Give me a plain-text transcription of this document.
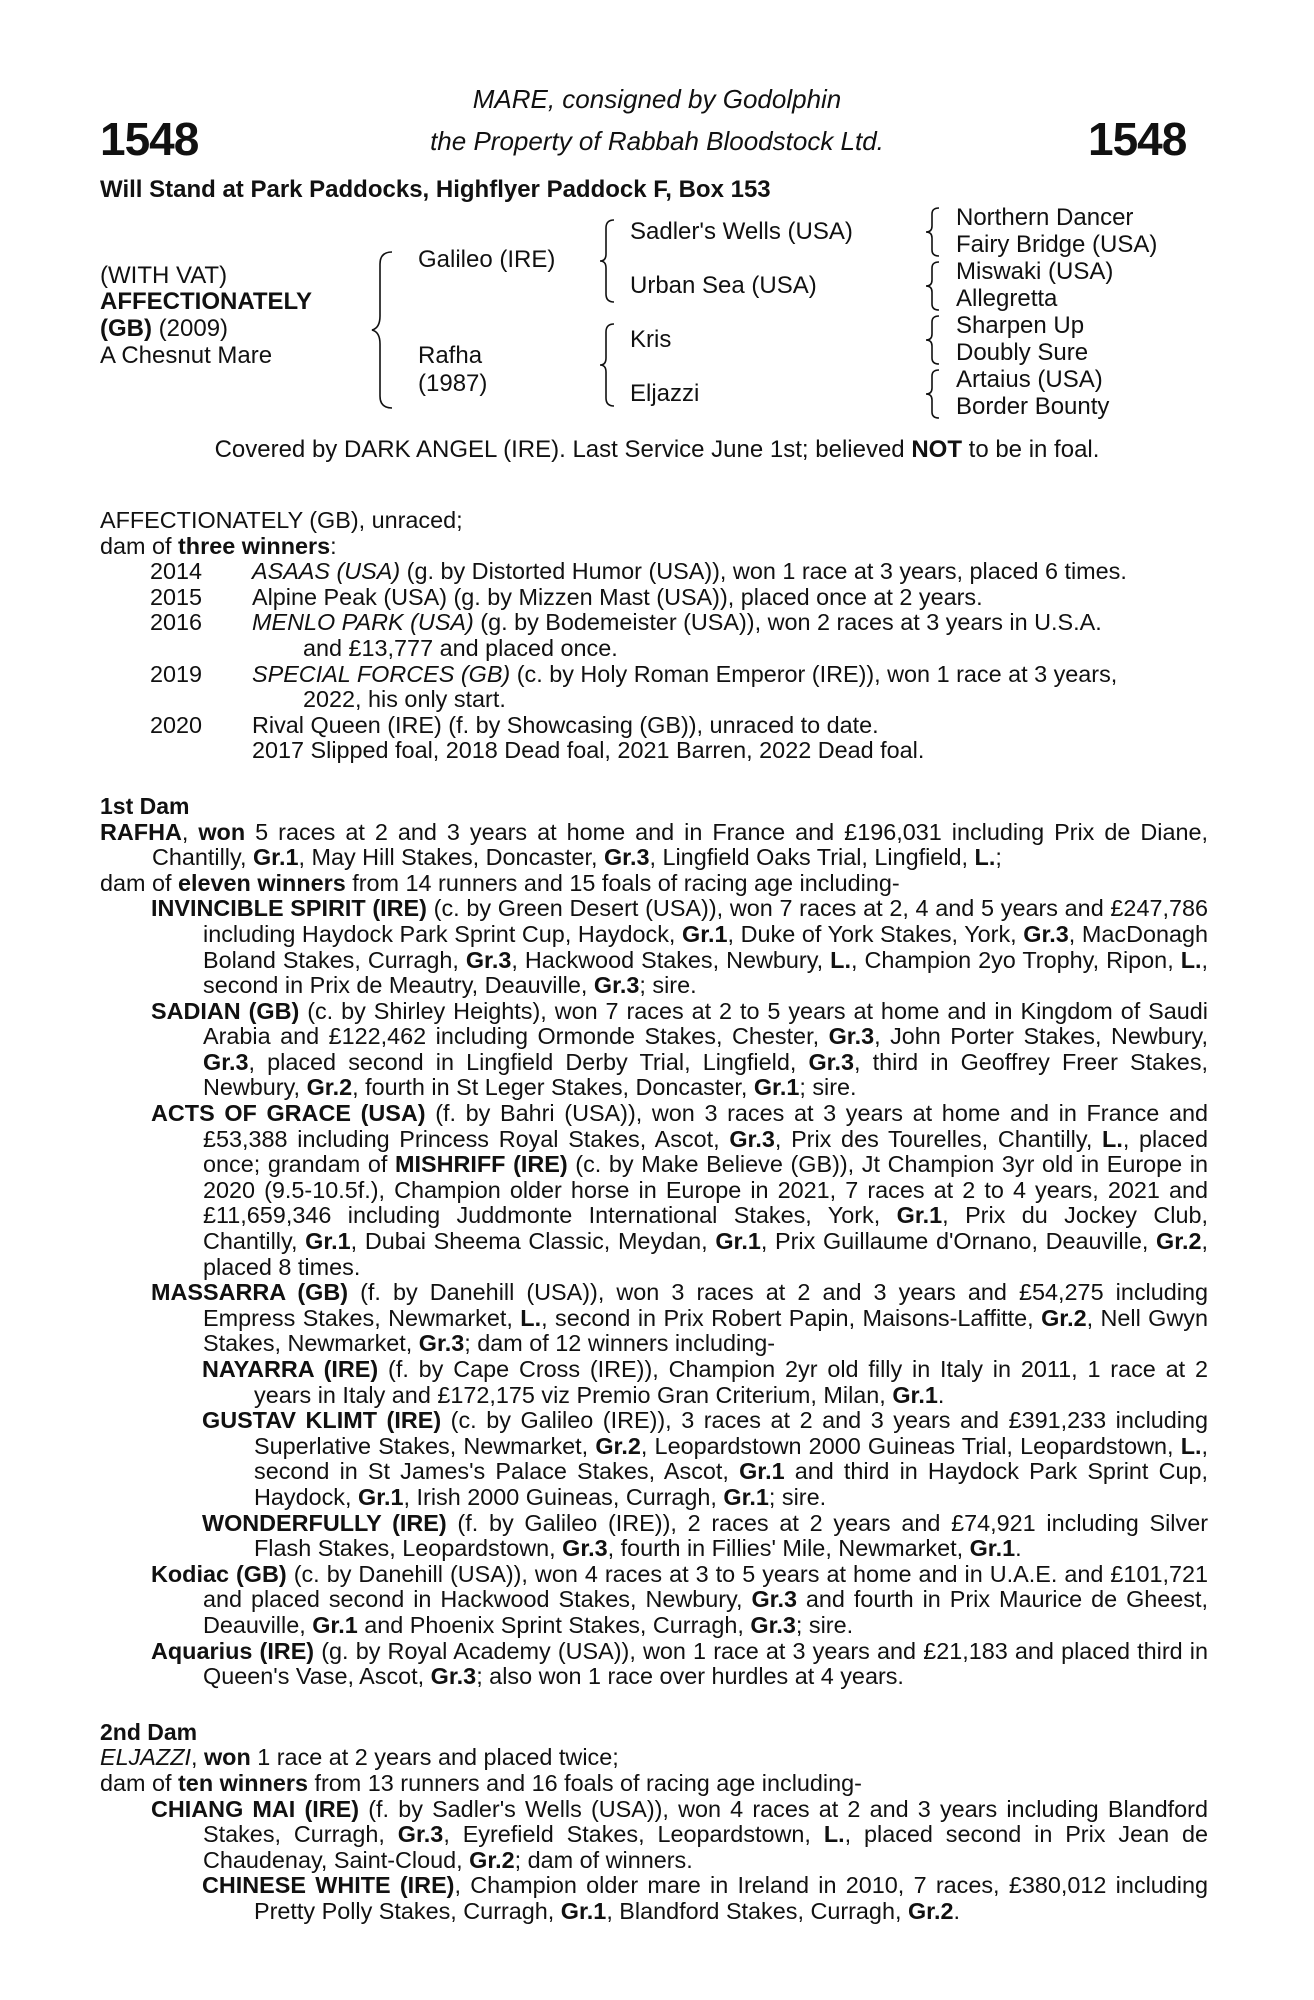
1548	1548
MARE, consigned by Godolphin
the Property of Rabbah Bloodstock Ltd.
Will Stand at Park Paddocks, Highflyer Paddock F, Box 153
(WITH VAT)
AFFECTIONATELY
(GB) (2009)
A Chesnut Mare
Galileo (IRE)
Rafha
(1987)
Sadler's Wells (USA)
Urban Sea (USA)
Kris
Eljazzi
Northern Dancer
Fairy Bridge (USA)
Miswaki (USA)
Allegretta
Sharpen Up
Doubly Sure
Artaius (USA)
Border Bounty
Covered by DARK ANGEL (IRE). Last Service June 1st; believed NOT to be in foal.
AFFECTIONATELY (GB), unraced;
dam of three winners:
2014 ASAAS (USA) (g. by Distorted Humor (USA)), won 1 race at 3 years, placed 6 times.
2015 Alpine Peak (USA) (g. by Mizzen Mast (USA)), placed once at 2 years.
2016 MENLO PARK (USA) (g. by Bodemeister (USA)), won 2 races at 3 years in U.S.A.
and £13,777 and placed once.
2019 SPECIAL FORCES (GB) (c. by Holy Roman Emperor (IRE)), won 1 race at 3 years,
2022, his only start.
2020 Rival Queen (IRE) (f. by Showcasing (GB)), unraced to date.
2017 Slipped foal, 2018 Dead foal, 2021 Barren, 2022 Dead foal.
1st Dam
RAFHA, won 5 races at 2 and 3 years at home and in France and £196,031 including Prix de Diane, Chantilly, Gr.1, May Hill Stakes, Doncaster, Gr.3, Lingfield Oaks Trial, Lingfield, L.;
dam of eleven winners from 14 runners and 15 foals of racing age including-
INVINCIBLE SPIRIT (IRE) (c. by Green Desert (USA)), won 7 races at 2, 4 and 5 years and £247,786 including Haydock Park Sprint Cup, Haydock, Gr.1, Duke of York Stakes, York, Gr.3, MacDonagh Boland Stakes, Curragh, Gr.3, Hackwood Stakes, Newbury, L., Champion 2yo Trophy, Ripon, L., second in Prix de Meautry, Deauville, Gr.3; sire.
SADIAN (GB) (c. by Shirley Heights), won 7 races at 2 to 5 years at home and in Kingdom of Saudi Arabia and £122,462 including Ormonde Stakes, Chester, Gr.3, John Porter Stakes, Newbury, Gr.3, placed second in Lingfield Derby Trial, Lingfield, Gr.3, third in Geoffrey Freer Stakes, Newbury, Gr.2, fourth in St Leger Stakes, Doncaster, Gr.1; sire.
ACTS OF GRACE (USA) (f. by Bahri (USA)), won 3 races at 3 years at home and in France and £53,388 including Princess Royal Stakes, Ascot, Gr.3, Prix des Tourelles, Chantilly, L., placed once; grandam of MISHRIFF (IRE) (c. by Make Believe (GB)), Jt Champion 3yr old in Europe in 2020 (9.5-10.5f.), Champion older horse in Europe in 2021, 7 races at 2 to 4 years, 2021 and £11,659,346 including Juddmonte International Stakes, York, Gr.1, Prix du Jockey Club, Chantilly, Gr.1, Dubai Sheema Classic, Meydan, Gr.1, Prix Guillaume d'Ornano, Deauville, Gr.2, placed 8 times.
MASSARRA (GB) (f. by Danehill (USA)), won 3 races at 2 and 3 years and £54,275 including Empress Stakes, Newmarket, L., second in Prix Robert Papin, Maisons-Laffitte, Gr.2, Nell Gwyn Stakes, Newmarket, Gr.3; dam of 12 winners including-
NAYARRA (IRE) (f. by Cape Cross (IRE)), Champion 2yr old filly in Italy in 2011, 1 race at 2 years in Italy and £172,175 viz Premio Gran Criterium, Milan, Gr.1.
GUSTAV KLIMT (IRE) (c. by Galileo (IRE)), 3 races at 2 and 3 years and £391,233 including Superlative Stakes, Newmarket, Gr.2, Leopardstown 2000 Guineas Trial, Leopardstown, L., second in St James's Palace Stakes, Ascot, Gr.1 and third in Haydock Park Sprint Cup, Haydock, Gr.1, Irish 2000 Guineas, Curragh, Gr.1; sire.
WONDERFULLY (IRE) (f. by Galileo (IRE)), 2 races at 2 years and £74,921 including Silver Flash Stakes, Leopardstown, Gr.3, fourth in Fillies' Mile, Newmarket, Gr.1.
Kodiac (GB) (c. by Danehill (USA)), won 4 races at 3 to 5 years at home and in U.A.E. and £101,721 and placed second in Hackwood Stakes, Newbury, Gr.3 and fourth in Prix Maurice de Gheest, Deauville, Gr.1 and Phoenix Sprint Stakes, Curragh, Gr.3; sire.
Aquarius (IRE) (g. by Royal Academy (USA)), won 1 race at 3 years and £21,183 and placed third in Queen's Vase, Ascot, Gr.3; also won 1 race over hurdles at 4 years.
2nd Dam
ELJAZZI, won 1 race at 2 years and placed twice;
dam of ten winners from 13 runners and 16 foals of racing age including-
CHIANG MAI (IRE) (f. by Sadler's Wells (USA)), won 4 races at 2 and 3 years including Blandford Stakes, Curragh, Gr.3, Eyrefield Stakes, Leopardstown, L., placed second in Prix Jean de Chaudenay, Saint-Cloud, Gr.2; dam of winners.
CHINESE WHITE (IRE), Champion older mare in Ireland in 2010, 7 races, £380,012 including Pretty Polly Stakes, Curragh, Gr.1, Blandford Stakes, Curragh, Gr.2.
